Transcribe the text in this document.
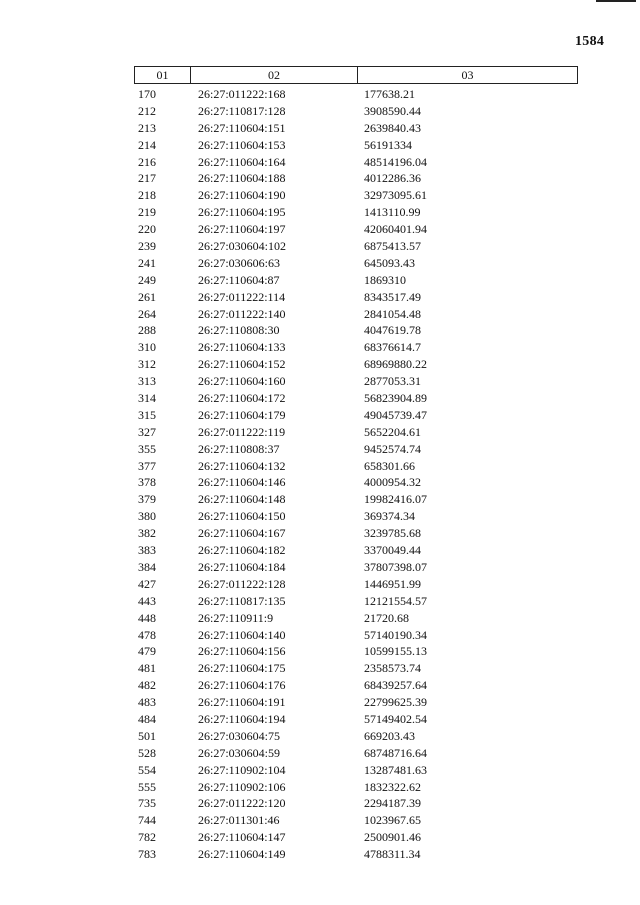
1584
01	02	03
170	26:27:011222:168	177638.21
212	26:27:110817:128	3908590.44
213	26:27:110604:151	2639840.43
214	26:27:110604:153	56191334
216	26:27:110604:164	48514196.04
217	26:27:110604:188	4012286.36
218	26:27:110604:190	32973095.61
219	26:27:110604:195	1413110.99
220	26:27:110604:197	42060401.94
239	26:27:030604:102	6875413.57
241	26:27:030606:63	645093.43
249	26:27:110604:87	1869310
261	26:27:011222:114	8343517.49
264	26:27:011222:140	2841054.48
288	26:27:110808:30	4047619.78
310	26:27:110604:133	68376614.7
312	26:27:110604:152	68969880.22
313	26:27:110604:160	2877053.31
314	26:27:110604:172	56823904.89
315	26:27:110604:179	49045739.47
327	26:27:011222:119	5652204.61
355	26:27:110808:37	9452574.74
377	26:27:110604:132	658301.66
378	26:27:110604:146	4000954.32
379	26:27:110604:148	19982416.07
380	26:27:110604:150	369374.34
382	26:27:110604:167	3239785.68
383	26:27:110604:182	3370049.44
384	26:27:110604:184	37807398.07
427	26:27:011222:128	1446951.99
443	26:27:110817:135	12121554.57
448	26:27:110911:9	21720.68
478	26:27:110604:140	57140190.34
479	26:27:110604:156	10599155.13
481	26:27:110604:175	2358573.74
482	26:27:110604:176	68439257.64
483	26:27:110604:191	22799625.39
484	26:27:110604:194	57149402.54
501	26:27:030604:75	669203.43
528	26:27:030604:59	68748716.64
554	26:27:110902:104	13287481.63
555	26:27:110902:106	1832322.62
735	26:27:011222:120	2294187.39
744	26:27:011301:46	1023967.65
782	26:27:110604:147	2500901.46
783	26:27:110604:149	4788311.34
